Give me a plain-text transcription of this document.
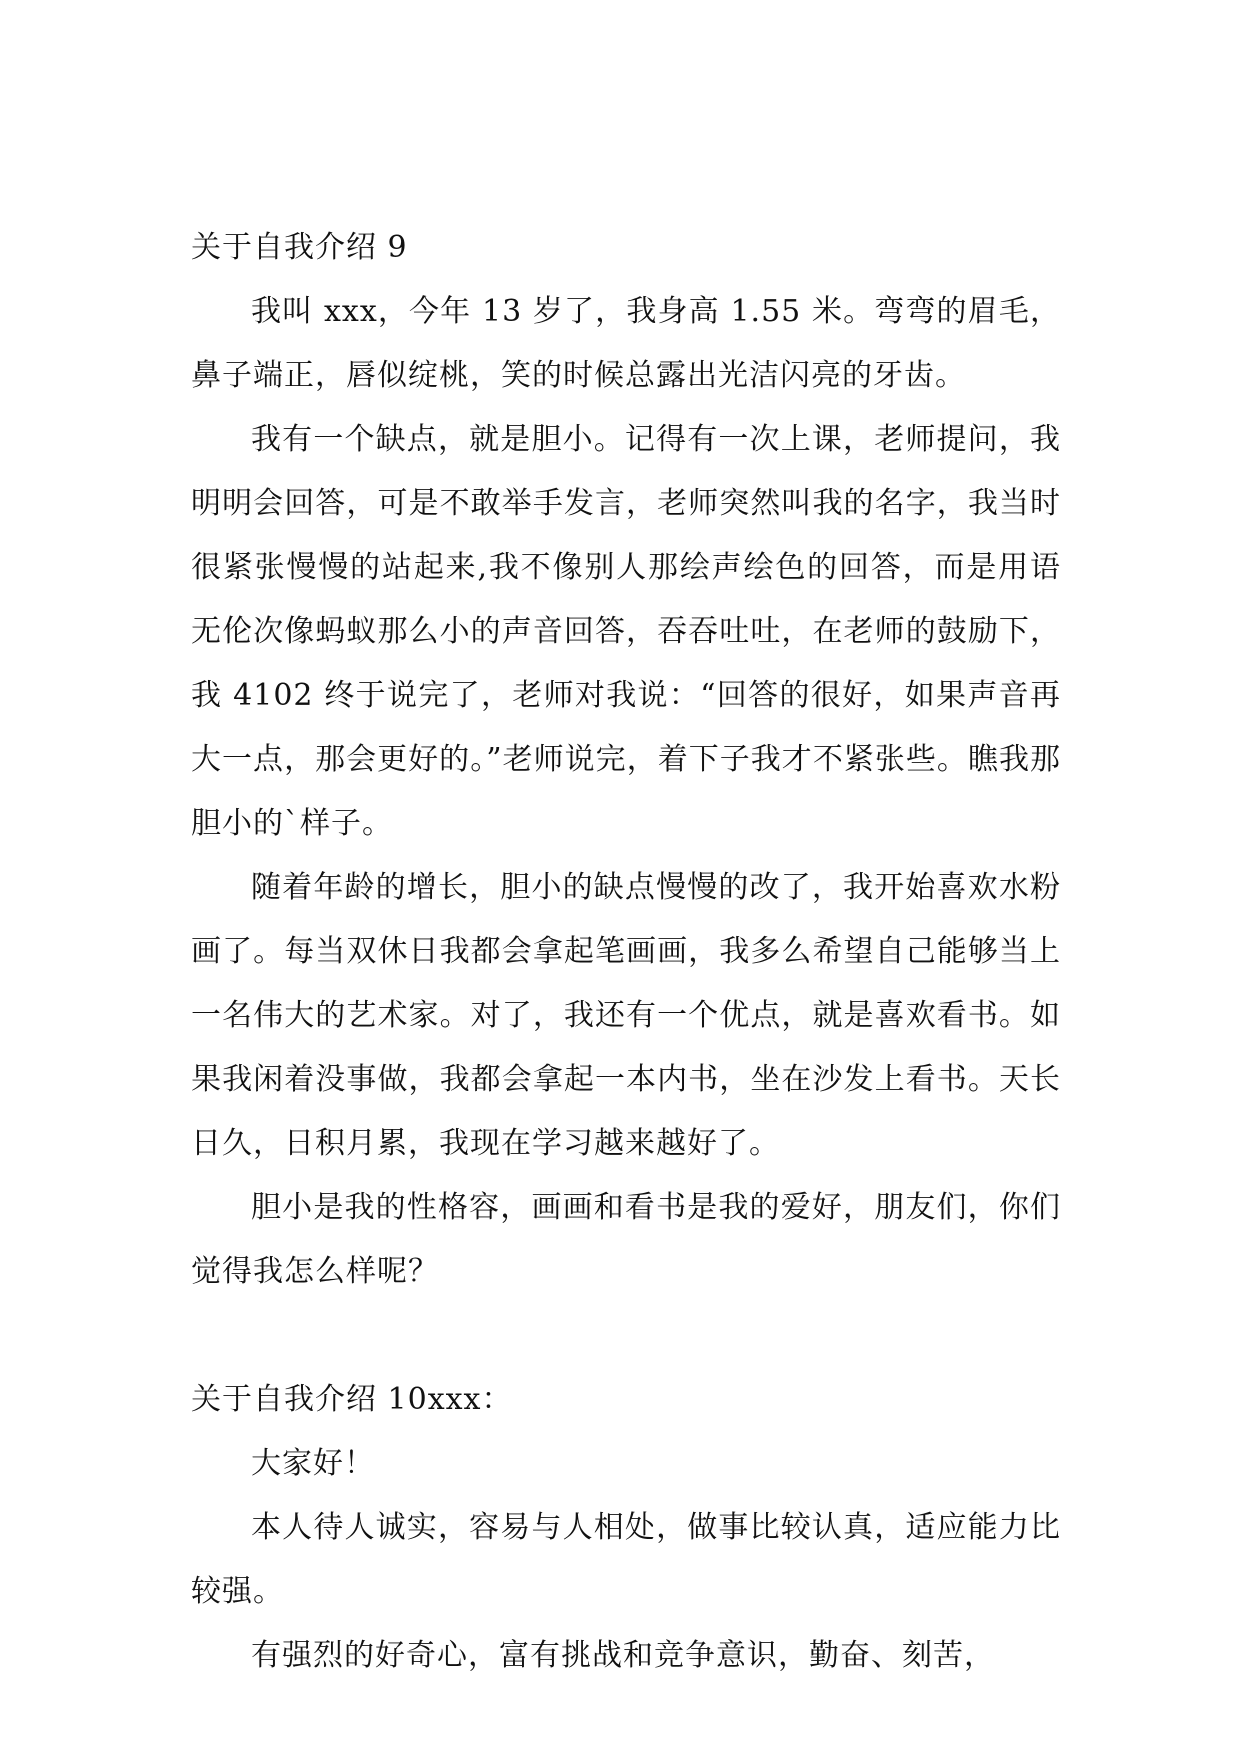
关于自我介绍 9

我叫 xxx，今年 13 岁了，我身高 1.55 米。弯弯的眉毛，鼻子端正，唇似绽桃，笑的时候总露出光洁闪亮的牙齿。

我有一个缺点，就是胆小。记得有一次上课，老师提问，我明明会回答，可是不敢举手发言，老师突然叫我的名字，我当时很紧张慢慢的站起来,我不像别人那绘声绘色的回答，而是用语无伦次像蚂蚁那么小的声音回答，吞吞吐吐，在老师的鼓励下，我 4102 终于说完了，老师对我说：“回答的很好，如果声音再大一点，那会更好的。”老师说完，着下子我才不紧张些。瞧我那胆小的`样子。

随着年龄的增长，胆小的缺点慢慢的改了，我开始喜欢水粉画了。每当双休日我都会拿起笔画画，我多么希望自己能够当上一名伟大的艺术家。对了，我还有一个优点，就是喜欢看书。如果我闲着没事做，我都会拿起一本内书，坐在沙发上看书。天长日久，日积月累，我现在学习越来越好了。

胆小是我的性格容，画画和看书是我的爱好，朋友们，你们觉得我怎么样呢？

关于自我介绍 10xxx：

大家好！

本人待人诚实，容易与人相处，做事比较认真，适应能力比较强。

有强烈的好奇心，富有挑战和竞争意识，勤奋、刻苦，
